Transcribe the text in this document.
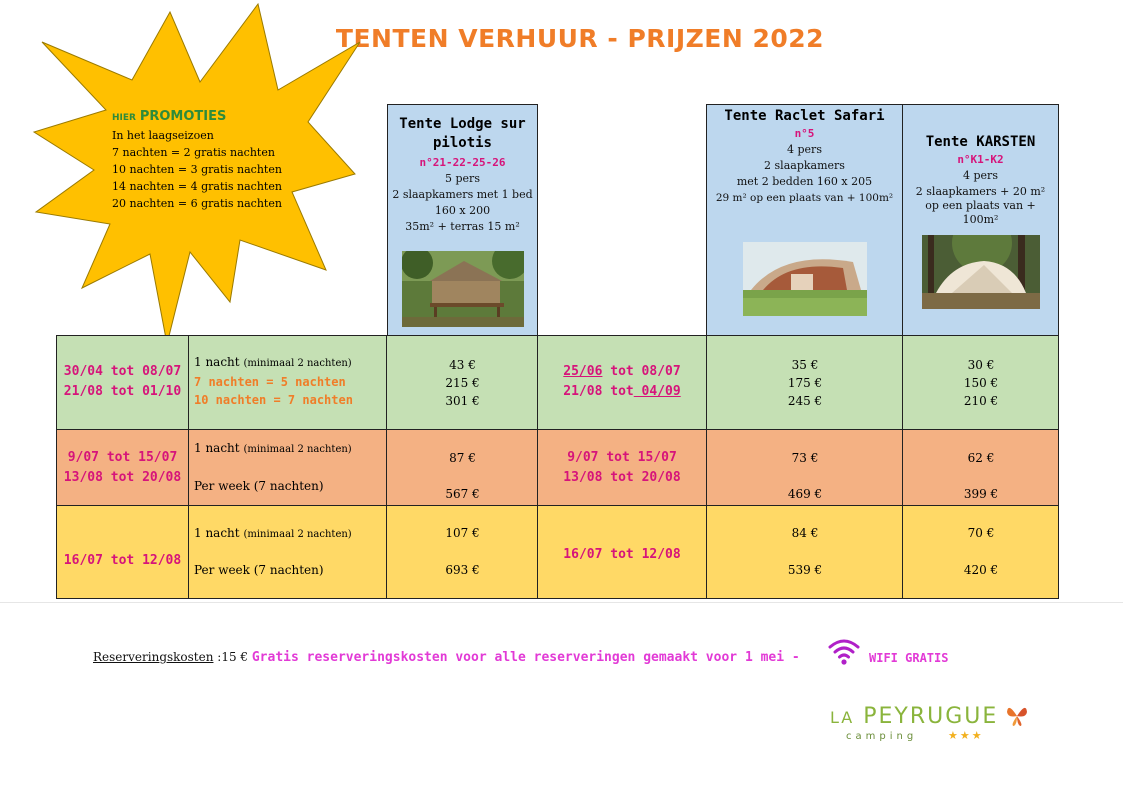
TENTEN VERHUUR - PRIJZEN 2022
HIER PROMOTIES
In het laagseizoen
7 nachten = 2 gratis nachten
10 nachten = 3 gratis nachten
14 nachten = 4 gratis nachten
20 nachten = 6 gratis nachten
Tente Lodge sur pilotis
n°21-22-25-26
5 pers
2 slaapkamers met 1 bed
160 x 200
35m² + terras 15 m²
Tente Raclet Safari
n°5
4 pers
2 slaapkamers
met 2 bedden 160 x 205
29 m² op een plaats van + 100m²
Tente KARSTEN
n°K1-K2
4 pers
2 slaapkamers + 20 m² op een plaats van + 100m²
30/04 tot 08/07
21/08 tot 01/10
1 nacht (minimaal 2 nachten)
7 nachten = 5 nachten
10 nachten = 7 nachten
43 €
215 €
301 €
25/06 tot 08/07
21/08 tot 04/09
35 €
175 €
245 €
30 €
150 €
210 €
9/07 tot 15/07
13/08 tot 20/08
1 nacht (minimaal 2 nachten)
Per week (7 nachten)
87 €
567 €
9/07 tot 15/07
13/08 tot 20/08
73 €
469 €
62 €
399 €
16/07 tot 12/08
1 nacht (minimaal 2 nachten)
Per week (7 nachten)
107 €
693 €
16/07 tot 12/08
84 €
539 €
70 €
420 €
Reserveringskosten :15 € Gratis reserveringskosten voor alle reserveringen gemaakt voor 1 mei -	WIFI GRATIS
LA PEYRUGUE
camping	★★★
